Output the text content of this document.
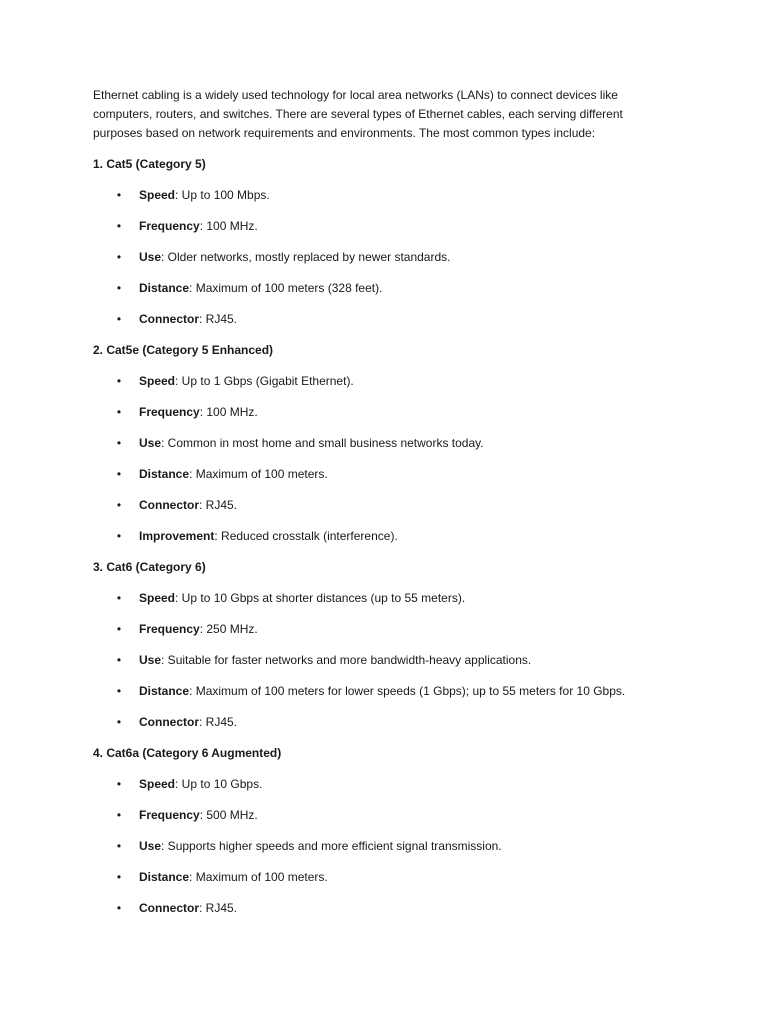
Ethernet cabling is a widely used technology for local area networks (LANs) to connect devices like computers, routers, and switches. There are several types of Ethernet cables, each serving different purposes based on network requirements and environments. The most common types include:

1. Cat5 (Category 5)

• Speed: Up to 100 Mbps.
• Frequency: 100 MHz.
• Use: Older networks, mostly replaced by newer standards.
• Distance: Maximum of 100 meters (328 feet).
• Connector: RJ45.

2. Cat5e (Category 5 Enhanced)

• Speed: Up to 1 Gbps (Gigabit Ethernet).
• Frequency: 100 MHz.
• Use: Common in most home and small business networks today.
• Distance: Maximum of 100 meters.
• Connector: RJ45.
• Improvement: Reduced crosstalk (interference).

3. Cat6 (Category 6)

• Speed: Up to 10 Gbps at shorter distances (up to 55 meters).
• Frequency: 250 MHz.
• Use: Suitable for faster networks and more bandwidth-heavy applications.
• Distance: Maximum of 100 meters for lower speeds (1 Gbps); up to 55 meters for 10 Gbps.
• Connector: RJ45.

4. Cat6a (Category 6 Augmented)

• Speed: Up to 10 Gbps.
• Frequency: 500 MHz.
• Use: Supports higher speeds and more efficient signal transmission.
• Distance: Maximum of 100 meters.
• Connector: RJ45.
